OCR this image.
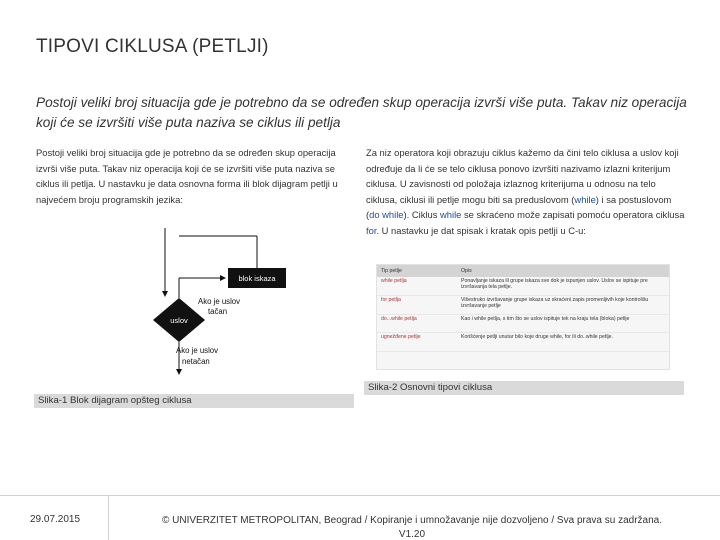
TIPOVI CIKLUSA (PETLJI)
Postoji veliki broj situacija gde je potrebno da se određen skup operacija izvrši više puta. Takav niz operacija koji će se izvršiti više puta naziva se ciklus ili petlja
Postoji veliki broj situacija gde je potrebno da se određen skup operacija izvrši više puta. Takav niz operacija koji će se izvršiti više puta naziva se ciklus ili petlja. U nastavku je data osnovna forma ili blok dijagram petlji u najvećem broju programskih jezika:
Za niz operatora koji obrazuju ciklus kažemo da čini telo ciklusa a uslov koji određuje da li će se telo ciklusa ponovo izvršiti nazivamo izlazni kriterijum ciklusa. U zavisnosti od položaja izlaznog kriterijuma u odnosu na telo ciklusa, ciklusi ili petlje mogu biti sa preduslovom (while) i sa postuslovom (do while). Ciklus while se skraćeno može zapisati pomoću operatora ciklusa for. U nastavku je dat spisak i kratak opis petlji u C-u:
uslov
blok iskaza
Ako je uslov
tačan
Ako je uslov
netačan
Tip petlje	Opis
while petlja	Ponavljanje iskaza ili grupe iskaza sve dok je ispunjen uslov. Uslov se ispituje pre izvršavanja tela petlje.
for petlja	Višestruko izvršavanje grupe iskaza uz skraćeni zapis promenljivih koje kontrolišu izvršavanje petlje
do...while petlja	Kao i while petlja, s tim što se uslov ispituje tek na kraju tela (bloka) petlje
ugnežđene petlje	Korišćenje petlji unutar bilo koje druge while, for ili do..while petlje.
Slika-1 Blok dijagram opšteg ciklusa
Slika-2 Osnovni tipovi ciklusa
29.07.2015	© UNIVERZITET METROPOLITAN, Beograd / Kopiranje i umnožavanje nije dozvoljeno / Sva prava su zadržana.
V1.20
